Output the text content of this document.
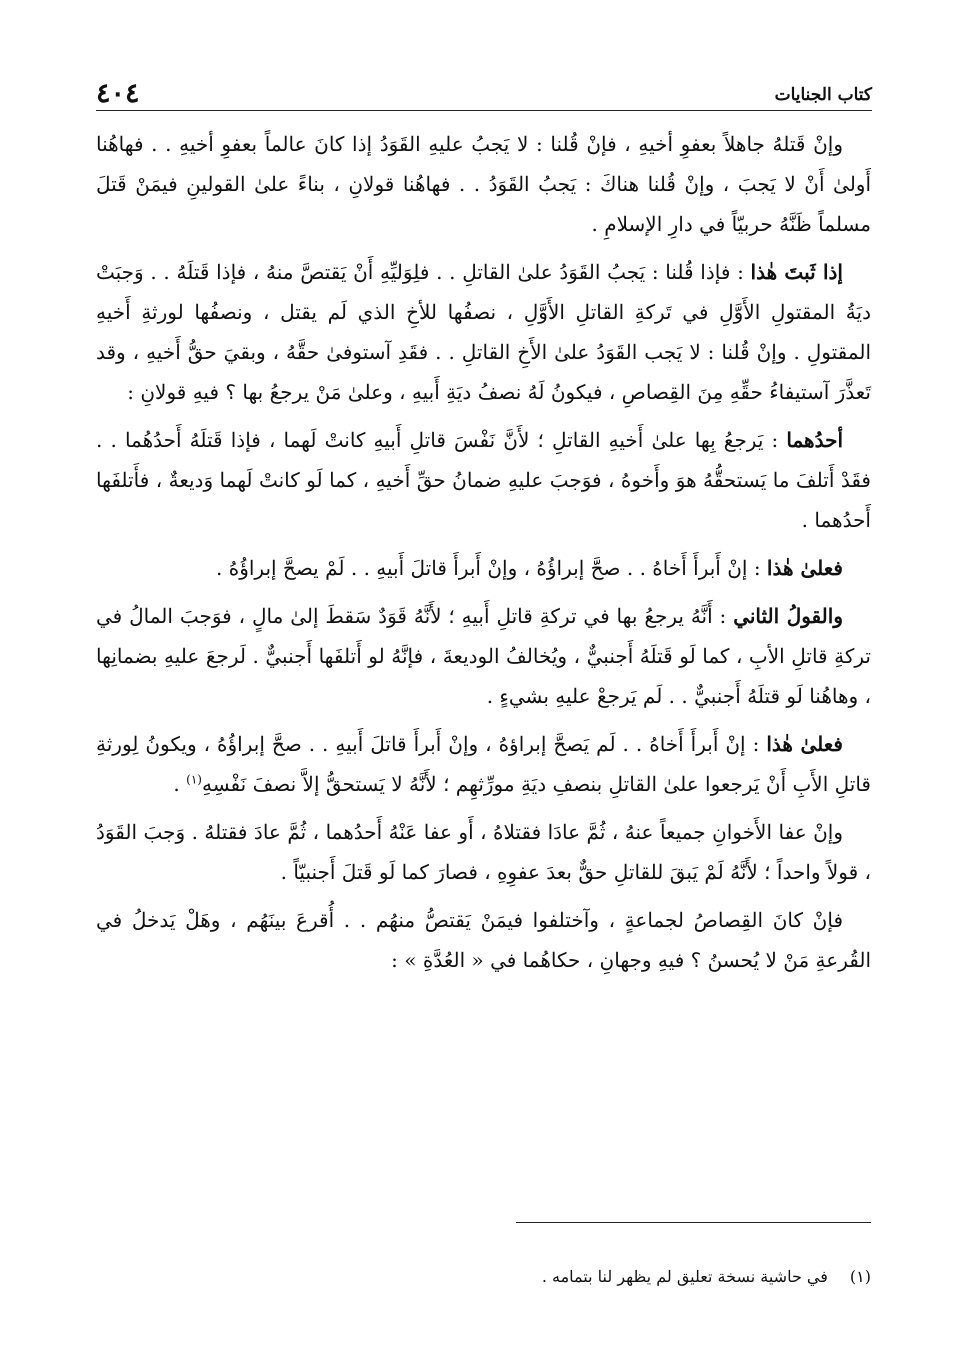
كتاب الجنايات
٤٠٤

وإنْ قَتلهُ جاهلاً بعفوِ أخيهِ ، فإنْ قُلنا : لا يَجبُ عليهِ القَوَدُ إذا كانَ عالماً بعفوِ أخيهِ . . فهاهُنا أَولىٰ أَنْ لا يَجبَ ، وإنْ قُلنا هناكَ : يَجبُ القَوَدُ . . فهاهُنا قولانِ ، بناءً علىٰ القولينِ فيمَنْ قَتلَ مسلماً ظَنَّهُ حربيّاً في دارِ الإسلامِ .

إذا ثَبتَ هٰذا : فإذا قُلنا : يَجبُ القَوَدُ علىٰ القاتلِ . . فلِوَليِّهِ أَنْ يَقتصَّ منهُ ، فإذا قَتلَهُ . . وَجبَتْ ديَةُ المقتولِ الأَوَّلِ في تَركةِ القاتلِ الأَوَّلِ ، نصفُها للأخِ الذي لَم يقتل ، ونصفُها لورثةِ أَخيهِ المقتولِ . وإنْ قُلنا : لا يَجب القَوَدُ علىٰ الأَخِ القاتلِ . . فقَدِ آستوفىٰ حقَّهُ ، وبقيَ حقُّ أَخيهِ ، وقد تَعذَّرَ آستيفاءُ حقِّهِ مِنَ القِصاصِ ، فيكونُ لَهُ نصفُ ديَةِ أَبيهِ ، وعلىٰ مَنْ يرجعُ بها ؟ فيهِ قولانِ :

أحدُهما : يَرجعُ بِها علىٰ أَخيهِ القاتلِ ؛ لأَنَّ نَفْسَ قاتلِ أَبيهِ كانتْ لَهما ، فإذا قَتلَهُ أَحدُهُما . . فقَدْ أَتلفَ ما يَستحقُّهُ هوَ وأَخوهُ ، فوَجبَ عليهِ ضمانُ حقِّ أَخيهِ ، كما لَو كانتْ لَهما وَديعةٌ ، فأَتلفَها أَحدُهما .

فعلىٰ هٰذا : إنْ أَبرأَ أَخاهُ . . صحَّ إبراؤُهُ ، وإنْ أَبرأَ قاتلَ أَبيهِ . . لَمْ يصحَّ إبراؤُهُ .

والقولُ الثاني : أَنَّهُ يرجعُ بها في تركةِ قاتلِ أَبيهِ ؛ لأَنَّهُ قَوَدٌ سَقطَ إلىٰ مالٍ ، فوَجبَ المالُ في تركةِ قاتلِ الأبِ ، كما لَو قَتلَهُ أَجنبيٌّ ، ويُخالفُ الوديعةَ ، فإنَّهُ لو أَتلفَها أَجنبيٌّ . لَرجعَ عليهِ بضمانِها ، وهاهُنا لَو قتلَهُ أَجنبيٌّ . . لَم يَرجعْ عليهِ بشيءٍ .

فعلىٰ هٰذا : إنْ أَبرأَ أَخاهُ . . لَم يَصحَّ إبراؤهُ ، وإنْ أَبرأَ قاتلَ أَبيهِ . . صحَّ إبراؤُهُ ، ويكونُ لِورثةِ قاتلِ الأَبِ أَنْ يَرجعوا علىٰ القاتلِ بنصفِ ديَةِ مورِّثهِم ؛ لأَنَّهُ لا يَستحقُّ إلاَّ نصفَ نَفْسِهِ$^{(١)}$ .

وإنْ عفا الأَخوانِ جميعاً عنهُ ، ثُمَّ عادَا فقتلاهُ ، أَو عفا عَنْهُ أَحدُهما ، ثُمَّ عادَ فقتلهُ . وَجبَ القَوَدُ ، قولاً واحداً ؛ لأَنَّهُ لَمْ يَبقَ للقاتلِ حقٌّ بعدَ عفوِهِ ، فصارَ كما لَو قَتلَ أَجنبيّاً .

فإنْ كانَ القِصاصُ لجماعةٍ ، وآختلفوا فيمَنْ يَقتصُّ منهُم . . أُقرعَ بينَهُم ، وهَلْ يَدخلُ في القُرعةِ مَنْ لا يُحسنُ ؟ فيهِ وجهانِ ، حكاهُما في « العُدَّةِ » :

(١)في حاشية نسخة تعليق لم يظهر لنا بتمامه .
